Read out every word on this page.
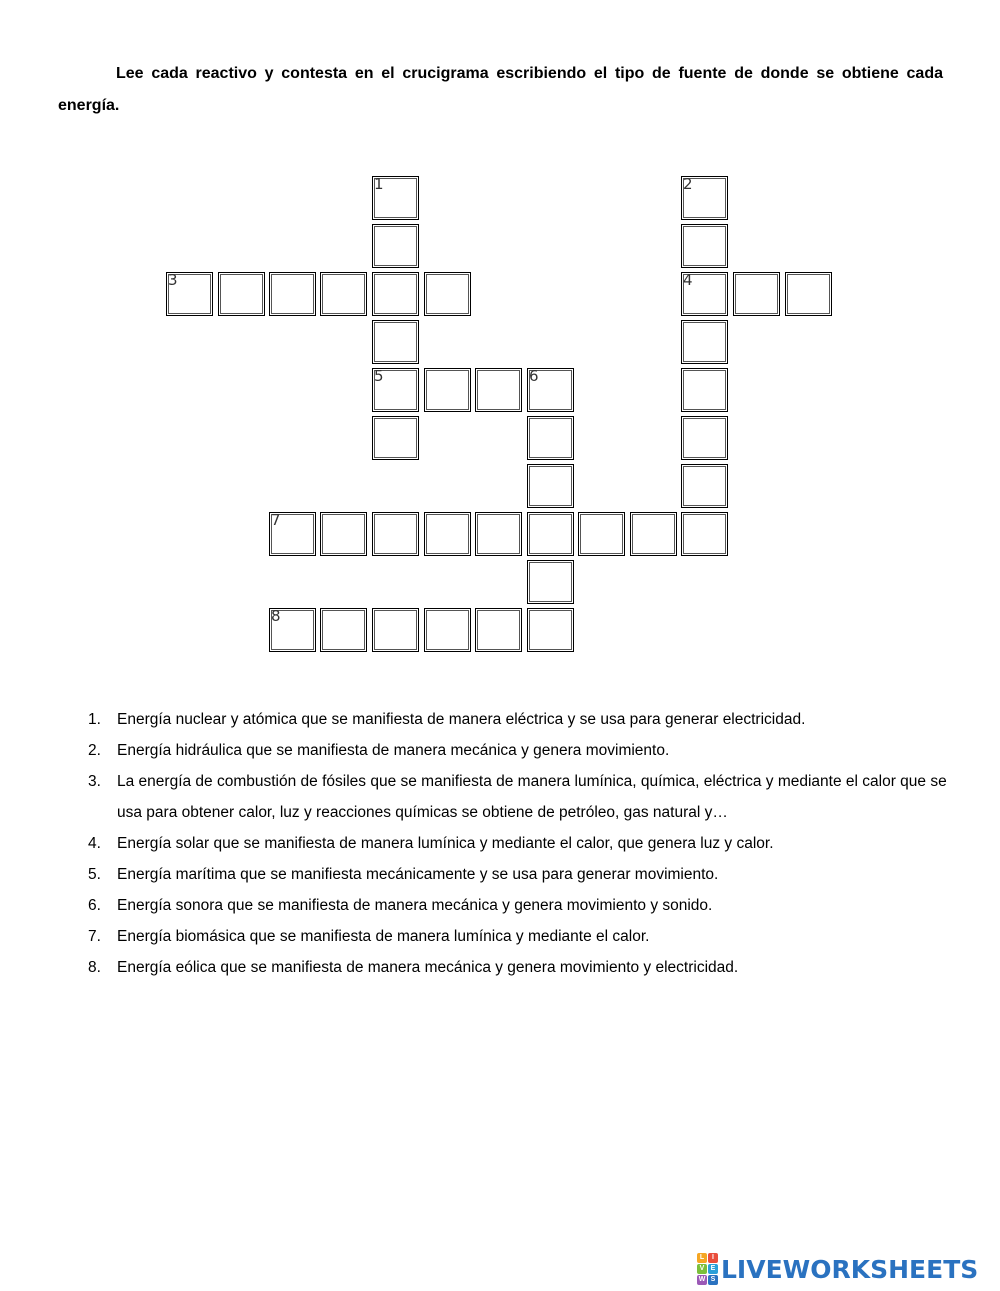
Lee cada reactivo y contesta en el crucigrama escribiendo el tipo de fuente de donde se obtiene cada energía.

1
5
2
4
3
6
7
8
1.	Energía nuclear y atómica que se manifiesta de manera eléctrica y se usa para generar electricidad.
2.	Energía hidráulica que se manifiesta de manera mecánica y genera movimiento.
3.	La energía de combustión de fósiles que se manifiesta de manera lumínica, química, eléctrica y mediante el calor que se usa para obtener calor, luz y reacciones químicas se obtiene de petróleo, gas natural y…
4.	Energía solar que se manifiesta de manera lumínica y mediante el calor, que genera luz y calor.
5.	Energía marítima que se manifiesta mecánicamente y se usa para generar movimiento.
6.	Energía sonora que se manifiesta de manera mecánica y genera movimiento y sonido.
7.	Energía biomásica que se manifiesta de manera lumínica y mediante el calor.
8.	Energía eólica que se manifiesta de manera mecánica y genera movimiento y electricidad.
L	I
V E
W S LIVEWORKSHEETS
